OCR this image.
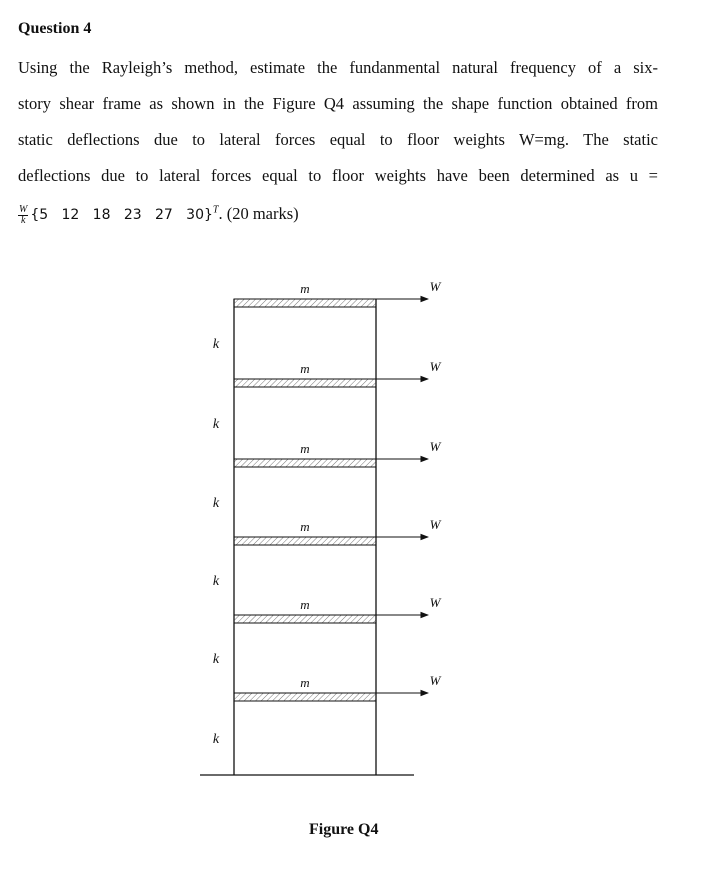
Question 4
Using the Rayleigh’s method, estimate the fundanmental natural frequency of a six-
story shear frame as shown in the Figure Q4 assuming the shape function obtained from
static deflections due to lateral forces equal to floor weights W=mg. The static
deflections due to lateral forces equal to floor weights have been determined as u =
$\frac{W}{k} \{5$   12   18   23   27   30}$^T$. (20 marks)
m	W
k
m	W
k
m	W
k
m	W
k
m	W
k
m	W
k
Figure Q4
